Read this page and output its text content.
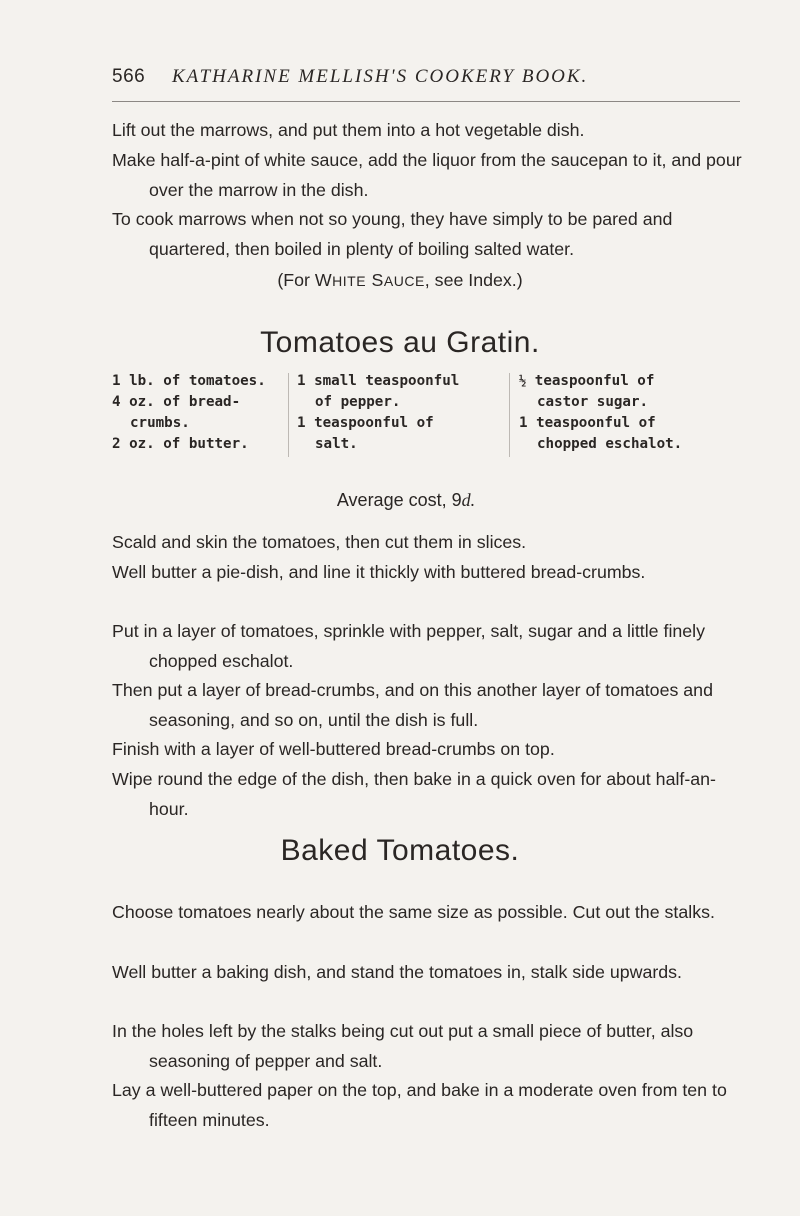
566 KATHARINE MELLISH'S COOKERY BOOK.
Lift out the marrows, and put them into a hot vegetable dish.
Make half-a-pint of white sauce, add the liquor from the saucepan to it, and pour over the marrow in the dish.
To cook marrows when not so young, they have simply to be pared and quartered, then boiled in plenty of boiling salted water.
(For WHITE SAUCE, see Index.)
Tomatoes au Gratin.
1 lb. of tomatoes.
4 oz. of bread-
crumbs.
2 oz. of butter.
1 small teaspoonful
of pepper.
1 teaspoonful of
salt.
½ teaspoonful of
castor sugar.
1 teaspoonful of
chopped eschalot.
Average cost, 9d.
Scald and skin the tomatoes, then cut them in slices.
Well butter a pie-dish, and line it thickly with buttered bread-crumbs.
Put in a layer of tomatoes, sprinkle with pepper, salt, sugar and a little finely chopped eschalot.
Then put a layer of bread-crumbs, and on this another layer of tomatoes and seasoning, and so on, until the dish is full.
Finish with a layer of well-buttered bread-crumbs on top.
Wipe round the edge of the dish, then bake in a quick oven for about half-an-hour.
Baked Tomatoes.
Choose tomatoes nearly about the same size as possible. Cut out the stalks.
Well butter a baking dish, and stand the tomatoes in, stalk side upwards.
In the holes left by the stalks being cut out put a small piece of butter, also seasoning of pepper and salt.
Lay a well-buttered paper on the top, and bake in a moderate oven from ten to fifteen minutes.
